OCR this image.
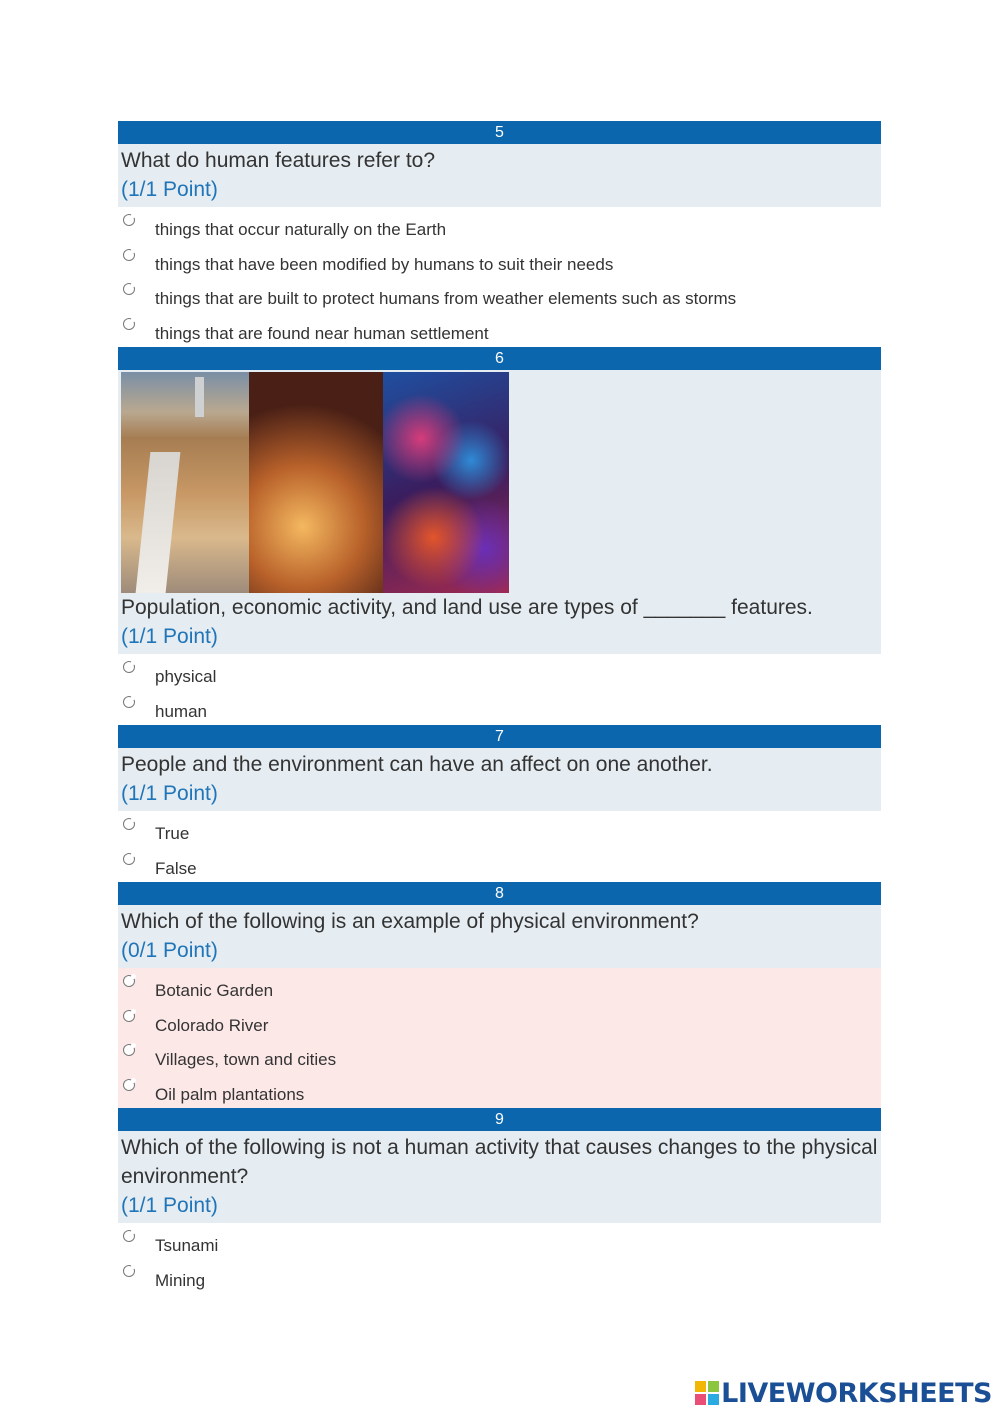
5
What do human features refer to?
(1/1 Point)
things that occur naturally on the Earth
things that have been modified by humans to suit their needs
things that are built to protect humans from weather elements such as storms
things that are found near human settlement
6
Population, economic activity, and land use are types of _______ features.
(1/1 Point)
physical
human
7
People and the environment can have an affect on one another.
(1/1 Point)
True
False
8
Which of the following is an example of physical environment?
(0/1 Point)
Botanic Garden
Colorado River
Villages, town and cities
Oil palm plantations
9
Which of the following is not a human activity that causes changes to the physical environment?
(1/1 Point)
Tsunami
Mining
LIVEWORKSHEETS
